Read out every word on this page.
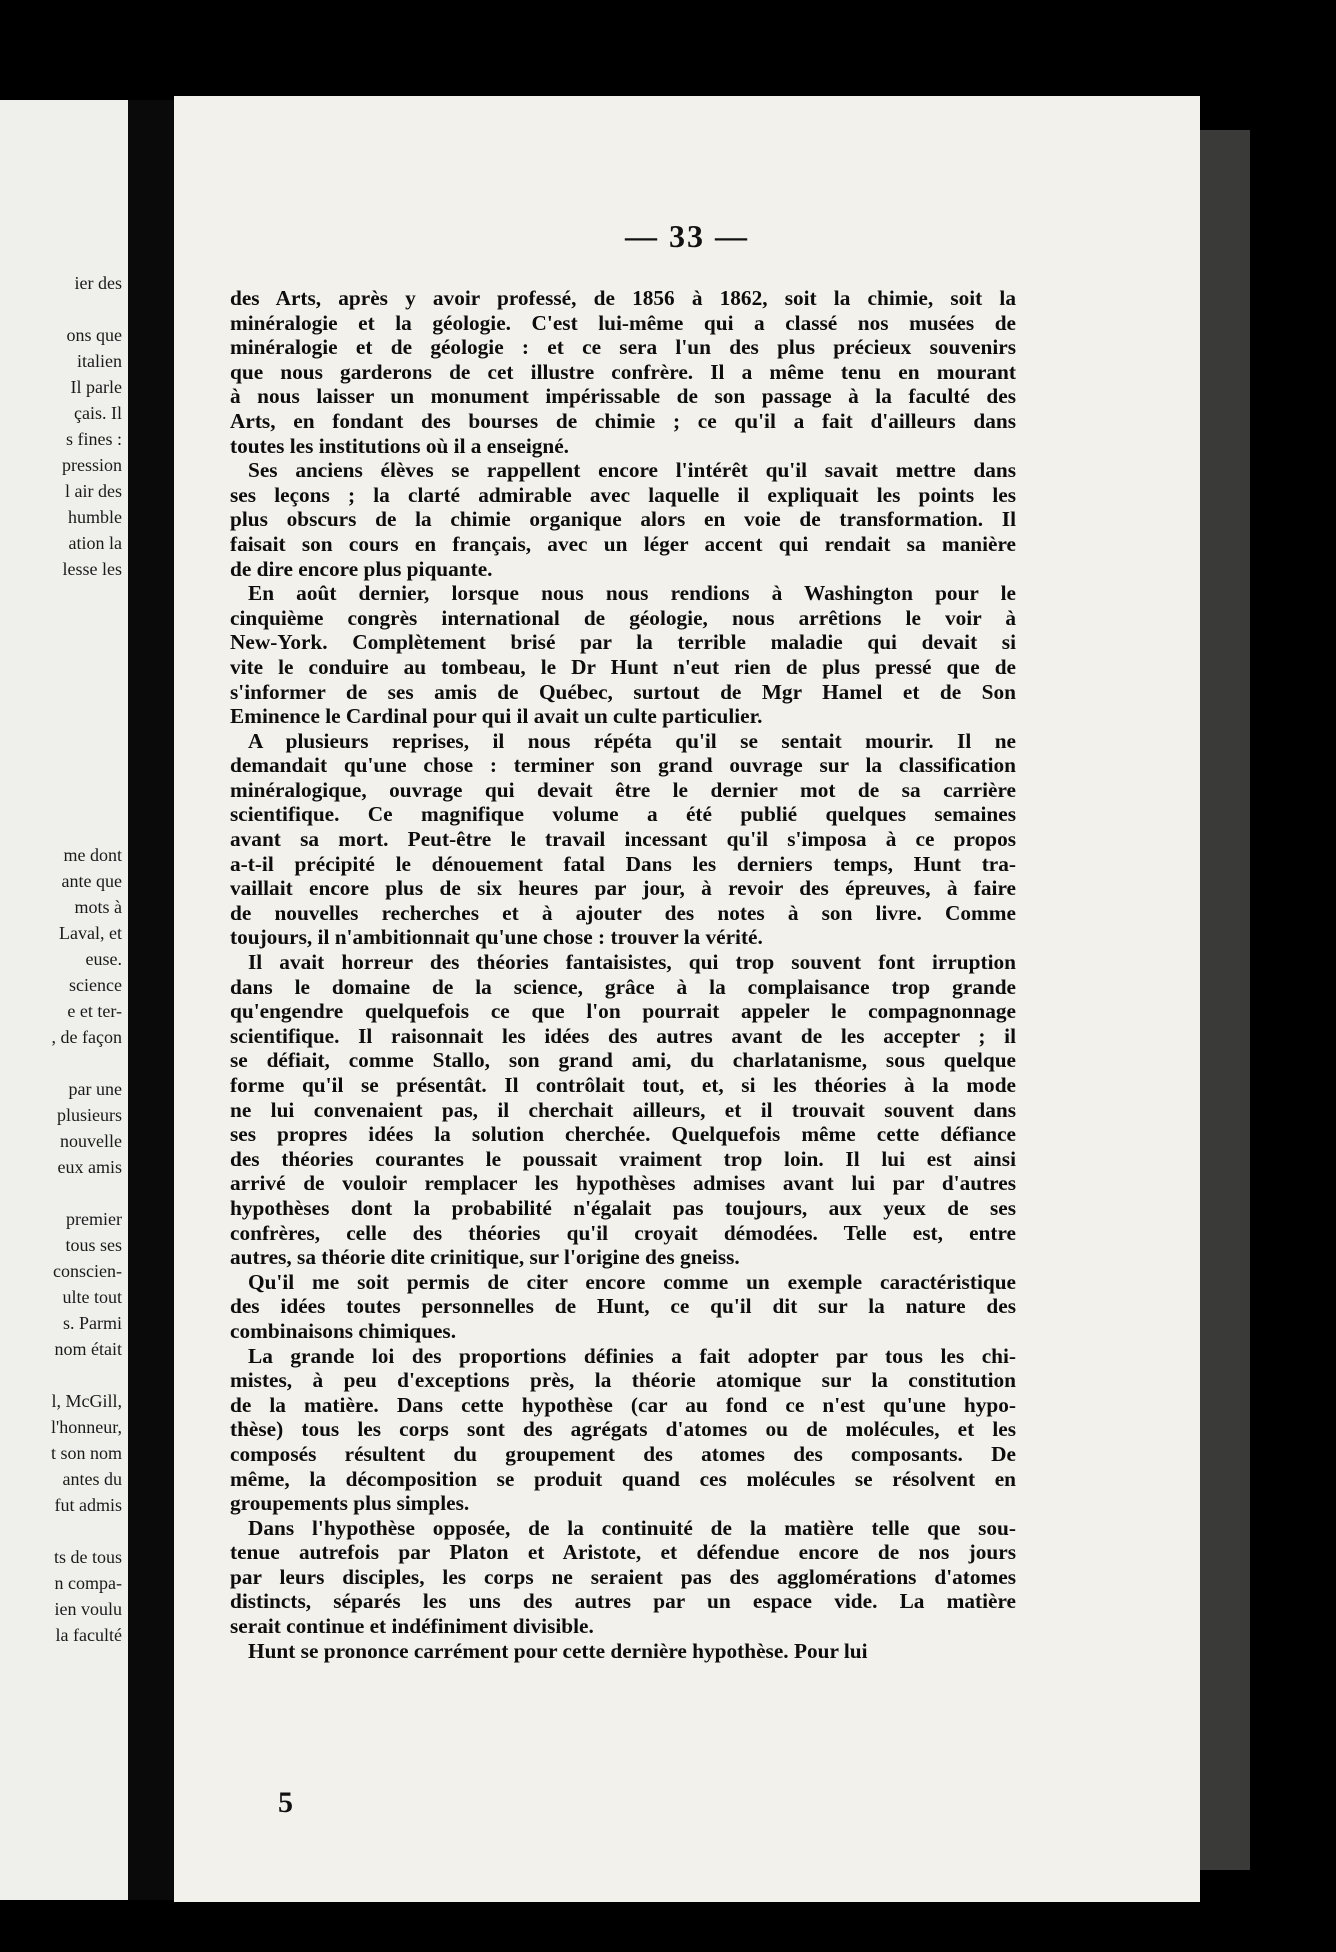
ier des

ons que
italien
Il parle
çais. Il
s fines :
pression
l air des
humble
ation la
lesse les

me dont
ante que
mots à
Laval, et
euse.
science
e et ter-
, de façon

par une
plusieurs
nouvelle
eux amis

premier
tous ses
conscien-
ulte tout
s. Parmi
nom était

l, McGill,
l'honneur,
t son nom
antes du
fut admis

ts de tous
n compa-
ien voulu
la faculté
— 33 —
des Arts, après y avoir professé, de 1856 à 1862, soit la chimie, soit la
minéralogie et la géologie. C'est lui-même qui a classé nos musées de
minéralogie et de géologie : et ce sera l'un des plus précieux souvenirs
que nous garderons de cet illustre confrère. Il a même tenu en mourant
à nous laisser un monument impérissable de son passage à la faculté des
Arts, en fondant des bourses de chimie ; ce qu'il a fait d'ailleurs dans
toutes les institutions où il a enseigné.
Ses anciens élèves se rappellent encore l'intérêt qu'il savait mettre dans
ses leçons ; la clarté admirable avec laquelle il expliquait les points les
plus obscurs de la chimie organique alors en voie de transformation. Il
faisait son cours en français, avec un léger accent qui rendait sa manière
de dire encore plus piquante.
En août dernier, lorsque nous nous rendions à Washington pour le
cinquième congrès international de géologie, nous arrêtions le voir à
New-York. Complètement brisé par la terrible maladie qui devait si
vite le conduire au tombeau, le Dr Hunt n'eut rien de plus pressé que de
s'informer de ses amis de Québec, surtout de Mgr Hamel et de Son
Eminence le Cardinal pour qui il avait un culte particulier.
A plusieurs reprises, il nous répéta qu'il se sentait mourir. Il ne
demandait qu'une chose : terminer son grand ouvrage sur la classification
minéralogique, ouvrage qui devait être le dernier mot de sa carrière
scientifique. Ce magnifique volume a été publié quelques semaines
avant sa mort. Peut-être le travail incessant qu'il s'imposa à ce propos
a-t-il précipité le dénouement fatal Dans les derniers temps, Hunt tra-
vaillait encore plus de six heures par jour, à revoir des épreuves, à faire
de nouvelles recherches et à ajouter des notes à son livre. Comme
toujours, il n'ambitionnait qu'une chose : trouver la vérité.
Il avait horreur des théories fantaisistes, qui trop souvent font irruption
dans le domaine de la science, grâce à la complaisance trop grande
qu'engendre quelquefois ce que l'on pourrait appeler le compagnonnage
scientifique. Il raisonnait les idées des autres avant de les accepter ; il
se défiait, comme Stallo, son grand ami, du charlatanisme, sous quelque
forme qu'il se présentât. Il contrôlait tout, et, si les théories à la mode
ne lui convenaient pas, il cherchait ailleurs, et il trouvait souvent dans
ses propres idées la solution cherchée. Quelquefois même cette défiance
des théories courantes le poussait vraiment trop loin. Il lui est ainsi
arrivé de vouloir remplacer les hypothèses admises avant lui par d'autres
hypothèses dont la probabilité n'égalait pas toujours, aux yeux de ses
confrères, celle des théories qu'il croyait démodées. Telle est, entre
autres, sa théorie dite crinitique, sur l'origine des gneiss.
Qu'il me soit permis de citer encore comme un exemple caractéristique
des idées toutes personnelles de Hunt, ce qu'il dit sur la nature des
combinaisons chimiques.
La grande loi des proportions définies a fait adopter par tous les chi-
mistes, à peu d'exceptions près, la théorie atomique sur la constitution
de la matière. Dans cette hypothèse (car au fond ce n'est qu'une hypo-
thèse) tous les corps sont des agrégats d'atomes ou de molécules, et les
composés résultent du groupement des atomes des composants. De
même, la décomposition se produit quand ces molécules se résolvent en
groupements plus simples.
Dans l'hypothèse opposée, de la continuité de la matière telle que sou-
tenue autrefois par Platon et Aristote, et défendue encore de nos jours
par leurs disciples, les corps ne seraient pas des agglomérations d'atomes
distincts, séparés les uns des autres par un espace vide. La matière
serait continue et indéfiniment divisible.
Hunt se prononce carrément pour cette dernière hypothèse. Pour lui
5
